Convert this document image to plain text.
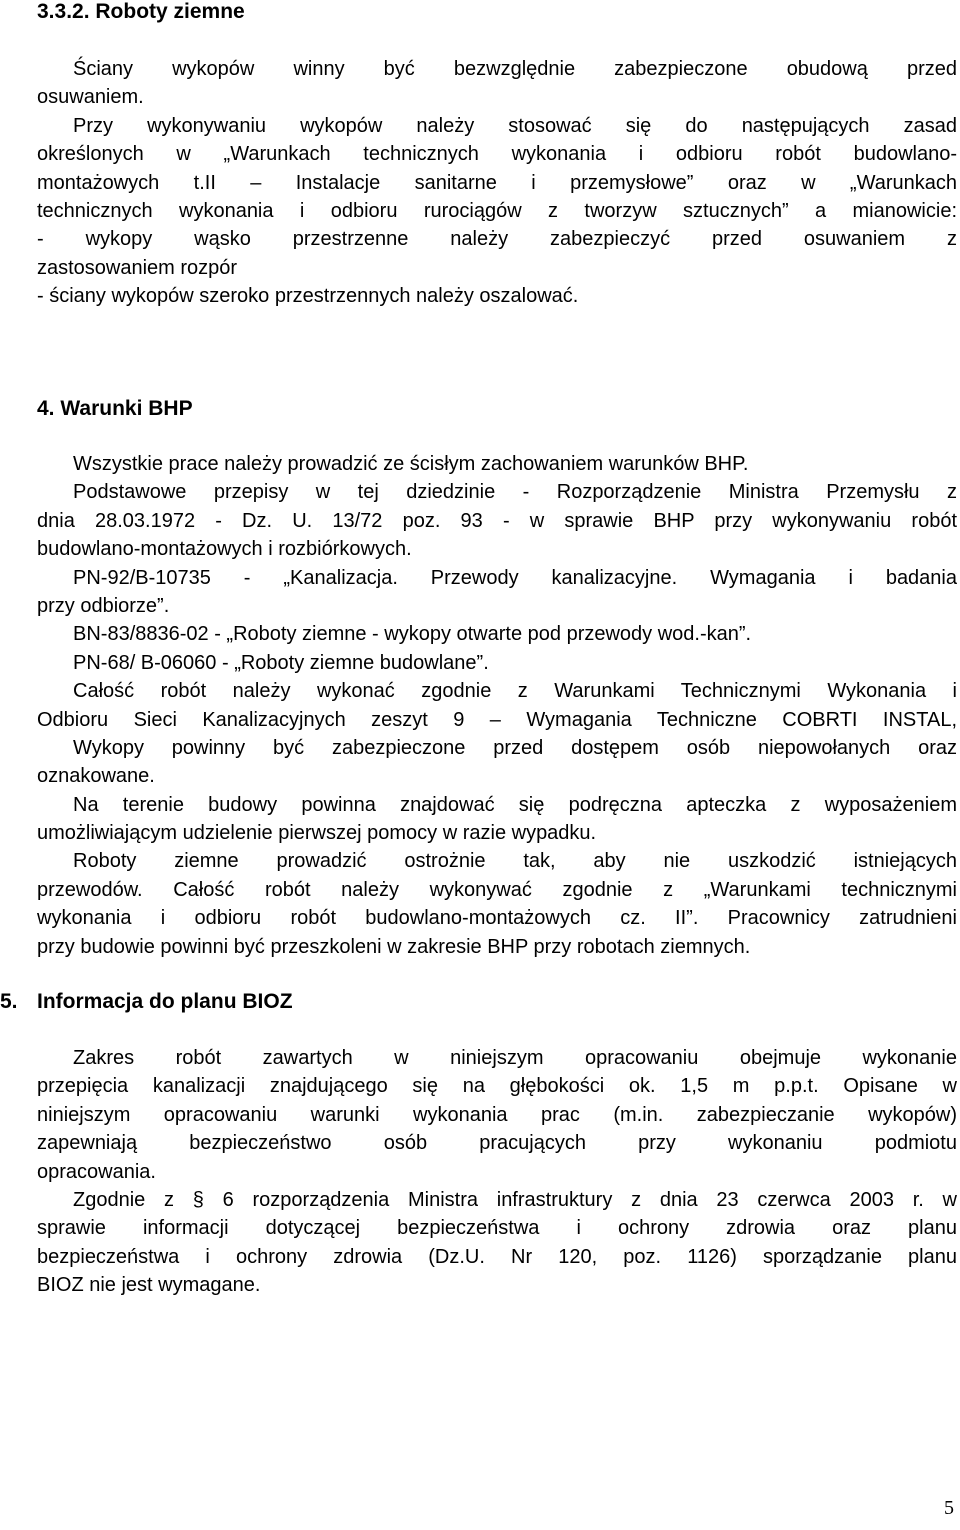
3.3.2. Roboty ziemne
Ściany wykopów winny być bezwzględnie zabezpieczone obudową przed
osuwaniem.
Przy wykonywaniu wykopów należy stosować się do następujących zasad
określonych w „Warunkach technicznych wykonania i odbioru robót budowlano-
montażowych t.II – Instalacje sanitarne i przemysłowe” oraz w „Warunkach
technicznych wykonania i odbioru rurociągów z tworzyw sztucznych” a mianowicie:
- wykopy wąsko przestrzenne należy zabezpieczyć przed osuwaniem z
zastosowaniem rozpór
- ściany wykopów szeroko przestrzennych należy oszalować.
4. Warunki BHP
Wszystkie prace należy prowadzić ze ścisłym zachowaniem warunków BHP.
Podstawowe przepisy w tej dziedzinie - Rozporządzenie Ministra Przemysłu z
dnia 28.03.1972 - Dz. U. 13/72 poz. 93 - w sprawie BHP przy wykonywaniu robót
budowlano-montażowych i rozbiórkowych.
PN-92/B-10735 - „Kanalizacja. Przewody kanalizacyjne. Wymagania i badania
przy odbiorze”.
BN-83/8836-02 - „Roboty ziemne - wykopy otwarte pod przewody wod.-kan”.
PN-68/ B-06060 - „Roboty ziemne budowlane”.
Całość robót należy wykonać zgodnie z Warunkami Technicznymi Wykonania i
Odbioru Sieci Kanalizacyjnych zeszyt 9 – Wymagania Techniczne COBRTI INSTAL,
Wykopy powinny być zabezpieczone przed dostępem osób niepowołanych oraz
oznakowane.
Na terenie budowy powinna znajdować się podręczna apteczka z wyposażeniem
umożliwiającym udzielenie pierwszej pomocy w razie wypadku.
Roboty ziemne prowadzić ostrożnie tak, aby nie uszkodzić istniejących
przewodów. Całość robót należy wykonywać zgodnie z „Warunkami technicznymi
wykonania i odbioru robót budowlano-montażowych cz. II”. Pracownicy zatrudnieni
przy budowie powinni być przeszkoleni w zakresie BHP przy robotach ziemnych.
5. Informacja do planu BIOZ
Zakres robót zawartych w niniejszym opracowaniu obejmuje wykonanie
przepięcia kanalizacji znajdującego się na głębokości ok. 1,5 m p.p.t. Opisane w
niniejszym opracowaniu warunki wykonania prac (m.in. zabezpieczanie wykopów)
zapewniają bezpieczeństwo osób pracujących przy wykonaniu podmiotu
opracowania.
Zgodnie z § 6 rozporządzenia Ministra infrastruktury z dnia 23 czerwca 2003 r. w
sprawie informacji dotyczącej bezpieczeństwa i ochrony zdrowia oraz planu
bezpieczeństwa i ochrony zdrowia (Dz.U. Nr 120, poz. 1126) sporządzanie planu
BIOZ nie jest wymagane.
5
